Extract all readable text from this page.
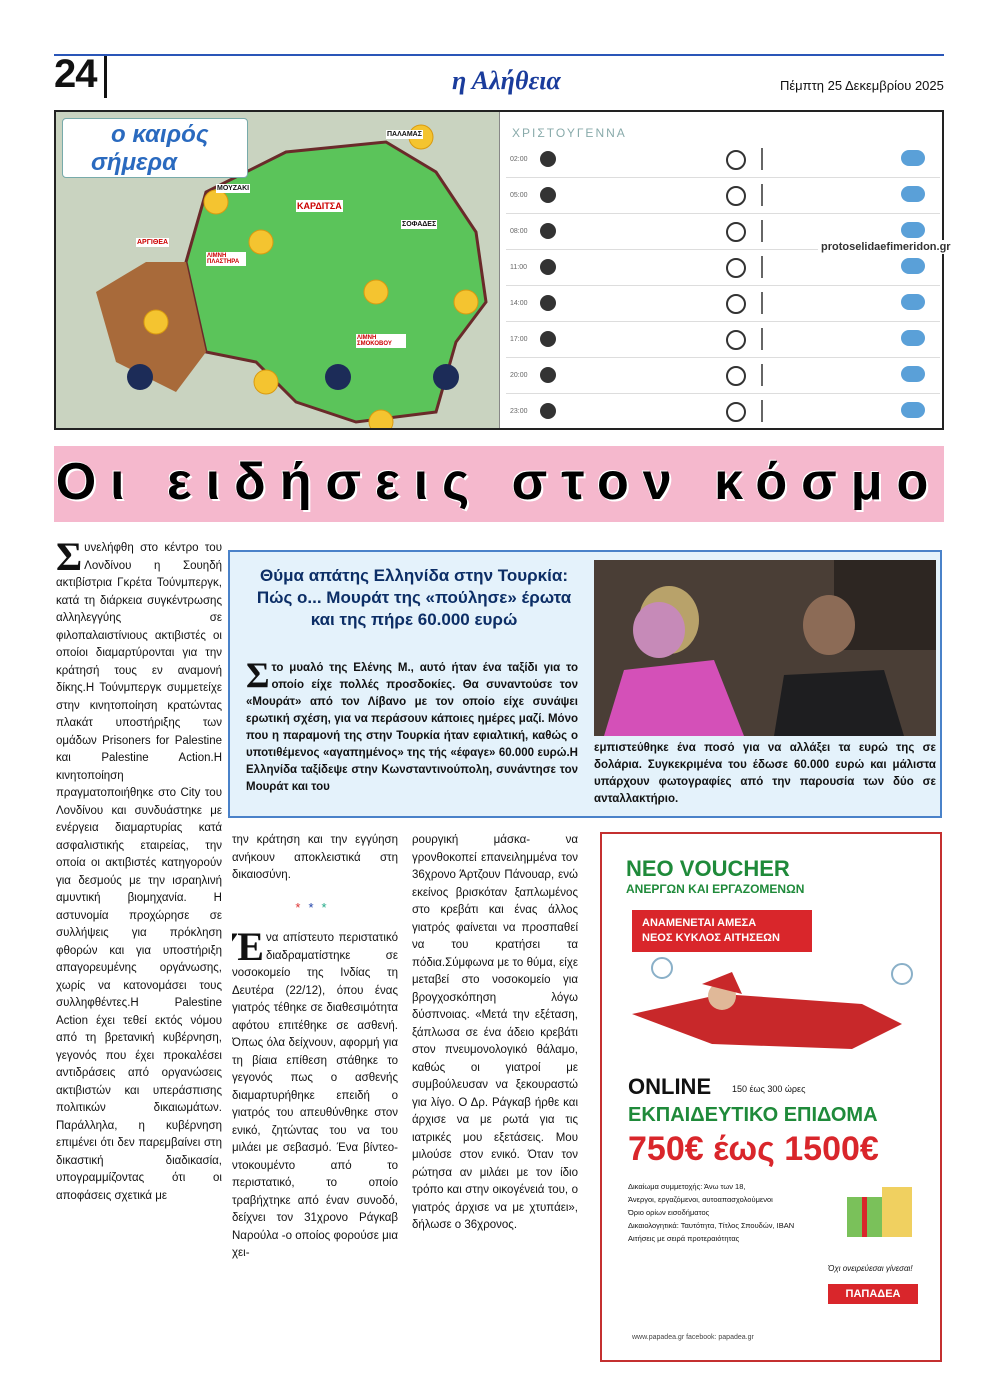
24	η Αλήθεια	Πέμπτη 25 Δεκεμβρίου 2025
ο καιρός
σήμερα
ΠΑΛΑΜΑΣ
ΜΟΥΖΑΚΙ
ΚΑΡΔΙΤΣΑ
ΣΟΦΑΔΕΣ
ΑΡΓΙΘΕΑ
ΛΙΜΝΗ ΠΛΑΣΤΗΡΑ
ΛΙΜΝΗ ΣΜΟΚΟΒΟΥ
ΧΡΙΣΤΟΥΓΕΝΝΑ
02:00
05:00
08:00
11:00
14:00
17:00
20:00
23:00
protoselidaefimeridon.gr
Οι ειδήσεις στον κόσμο
Συνελήφθη στο κέντρο του Λονδίνου η Σουηδή ακτιβίστρια Γκρέτα Τούνμπεργκ, κατά τη διάρκεια συγκέντρωσης αλληλεγγύης σε φιλοπαλαιστίνιους ακτιβιστές οι οποίοι διαμαρτύρονται για την κράτησή τους εν αναμονή δίκης.Η Τούνμπεργκ συμμετείχε στην κινητοποίηση κρατώντας πλακάτ υποστήριξης των ομάδων Prisoners for Palestine και Palestine Action.Η κινητοποίηση πραγματοποιήθηκε στο City του Λονδίνου και συνδυάστηκε με ενέργεια διαμαρτυρίας κατά ασφαλιστικής εταιρείας, την οποία οι ακτιβιστές κατηγορούν για δεσμούς με την ισραηλινή αμυντική βιομηχανία. Η αστυνομία προχώρησε σε συλλήψεις για πρόκληση φθορών και για υποστήριξη απαγορευμένης οργάνωσης, χωρίς να κατονομάσει τους συλληφθέντες.Η Palestine Action έχει τεθεί εκτός νόμου από τη βρετανική κυβέρνηση, γεγονός που έχει προκαλέσει αντιδράσεις από οργανώσεις ακτιβιστών και υπεράσπισης πολιτικών δικαιωμάτων. Παράλληλα, η κυβέρνηση επιμένει ότι δεν παρεμβαίνει στη δικαστική διαδικασία, υπογραμμίζοντας ότι οι αποφάσεις σχετικά με
Θύμα απάτης Ελληνίδα στην Τουρκία: Πώς ο... Μουράτ της «πούλησε» έρωτα και της πήρε 60.000 ευρώ
Στο μυαλό της Ελένης Μ., αυτό ήταν ένα ταξίδι για το οποίο είχε πολλές προσδοκίες. Θα συναντούσε τον «Μουράτ» από τον Λίβανο με τον οποίο είχε συνάψει ερωτική σχέση, για να περάσουν κάποιες ημέρες μαζί. Μόνο που η παραμονή της στην Τουρκία ήταν εφιαλτική, καθώς ο υποτιθέμενος «αγαπημένος» της τής «έφαγε» 60.000 ευρώ.Η Ελληνίδα ταξίδεψε στην Κωνσταντινούπολη, συνάντησε τον Μουράτ και του
εμπιστεύθηκε ένα ποσό για να αλλάξει τα ευρώ της σε δολάρια. Συγκεκριμένα του έδωσε 60.000 ευρώ και μάλιστα υπάρχουν φωτογραφίες από την παρουσία των δύο σε ανταλλακτήριο.
την κράτηση και την εγγύηση ανήκουν αποκλειστικά στη δικαιοσύνη.
***
Έ να απίστευτο περιστατικό διαδραματίστηκε σε νοσοκομείο της Ινδίας τη Δευτέρα (22/12), όπου ένας γιατρός τέθηκε σε διαθεσιμότητα αφότου επιτέθηκε σε ασθενή. Όπως όλα δείχνουν, αφορμή για τη βίαια επίθεση στάθηκε το γεγονός πως ο ασθενής διαμαρτυρήθηκε επειδή ο γιατρός του απευθύνθηκε στον ενικό, ζητώντας του να του μιλάει με σεβασμό. Ένα βίντεο-ντοκουμέντο από το περιστατικό, το οποίο τραβήχτηκε από έναν συνοδό, δείχνει τον 31χρονο Ράγκαβ Ναρούλα -ο οποίος φορούσε μια χει-
ρουργική μάσκα- να γρονθοκοπεί επανειλημμένα τον 36χρονο Άρτζουν Πάνουαρ, ενώ εκείνος βρισκόταν ξαπλωμένος στο κρεβάτι και ένας άλλος γιατρός φαίνεται να προσπαθεί να του κρατήσει τα πόδια.Σύμφωνα με το θύμα, είχε μεταβεί στο νοσοκομείο για βρογχοσκόπηση λόγω δύσπνοιας. «Μετά την εξέταση, ξάπλωσα σε ένα άδειο κρεβάτι στον πνευμονολογικό θάλαμο, καθώς οι γιατροί με συμβούλευσαν να ξεκουραστώ για λίγο. Ο Δρ. Ράγκαβ ήρθε και άρχισε να με ρωτά για τις ιατρικές μου εξετάσεις. Μου μιλούσε στον ενικό. Όταν τον ρώτησα αν μιλάει με τον ίδιο τρόπο και στην οικογένειά του, ο γιατρός άρχισε να με χτυπάει», δήλωσε ο 36χρονος.
ΝΕΟ VOUCHER
ΑΝΕΡΓΩΝ ΚΑΙ ΕΡΓΑΖΟΜΕΝΩΝ
ΑΝΑΜΕΝΕΤΑΙ ΑΜΕΣΑ
ΝΕΟΣ ΚΥΚΛΟΣ ΑΙΤΗΣΕΩΝ
ONLINE 150 έως 300 ώρες
ΕΚΠΑΙΔΕΥΤΙΚΟ ΕΠΙΔΟΜΑ
750€ έως 1500€
Δικαίωμα συμμετοχής: Άνω των 18,
Άνεργοι, εργαζόμενοι, αυτοαπασχολούμενοι
Όριο ορίων εισοδήματος
Δικαιολογητικά: Ταυτότητα, Τίτλος Σπουδών, ΙΒΑΝ
Αιτήσεις με σειρά προτεραιότητας
Όχι ονειρεύεσαι γίνεσαι!
ΠΑΠΑΔΕΑ
www.papadea.gr facebook: papadea.gr
